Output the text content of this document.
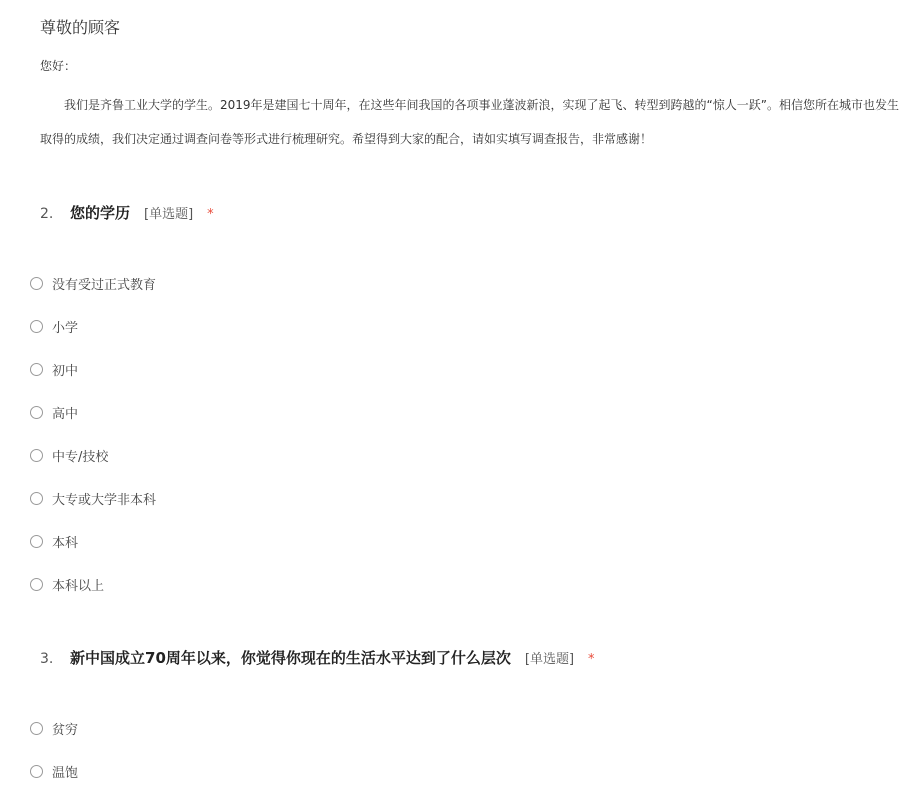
尊敬的顾客
您好：
我们是齐鲁工业大学的学生。2019年是建国七十周年，在这些年间我国的各项事业蓬波新浪，实现了起飞、转型到跨越的“惊人一跃”。相信您所在城市也发生
取得的成绩，我们决定通过调查问卷等形式进行梳理研究。希望得到大家的配合，请如实填写调查报告，非常感谢！
2.	您的学历 [单选题] *
没有受过正式教育
小学
初中
高中
中专/技校
大专或大学非本科
本科
本科以上
3.	新中国成立70周年以来，你觉得你现在的生活水平达到了什么层次 [单选题] *
贫穷
温饱
